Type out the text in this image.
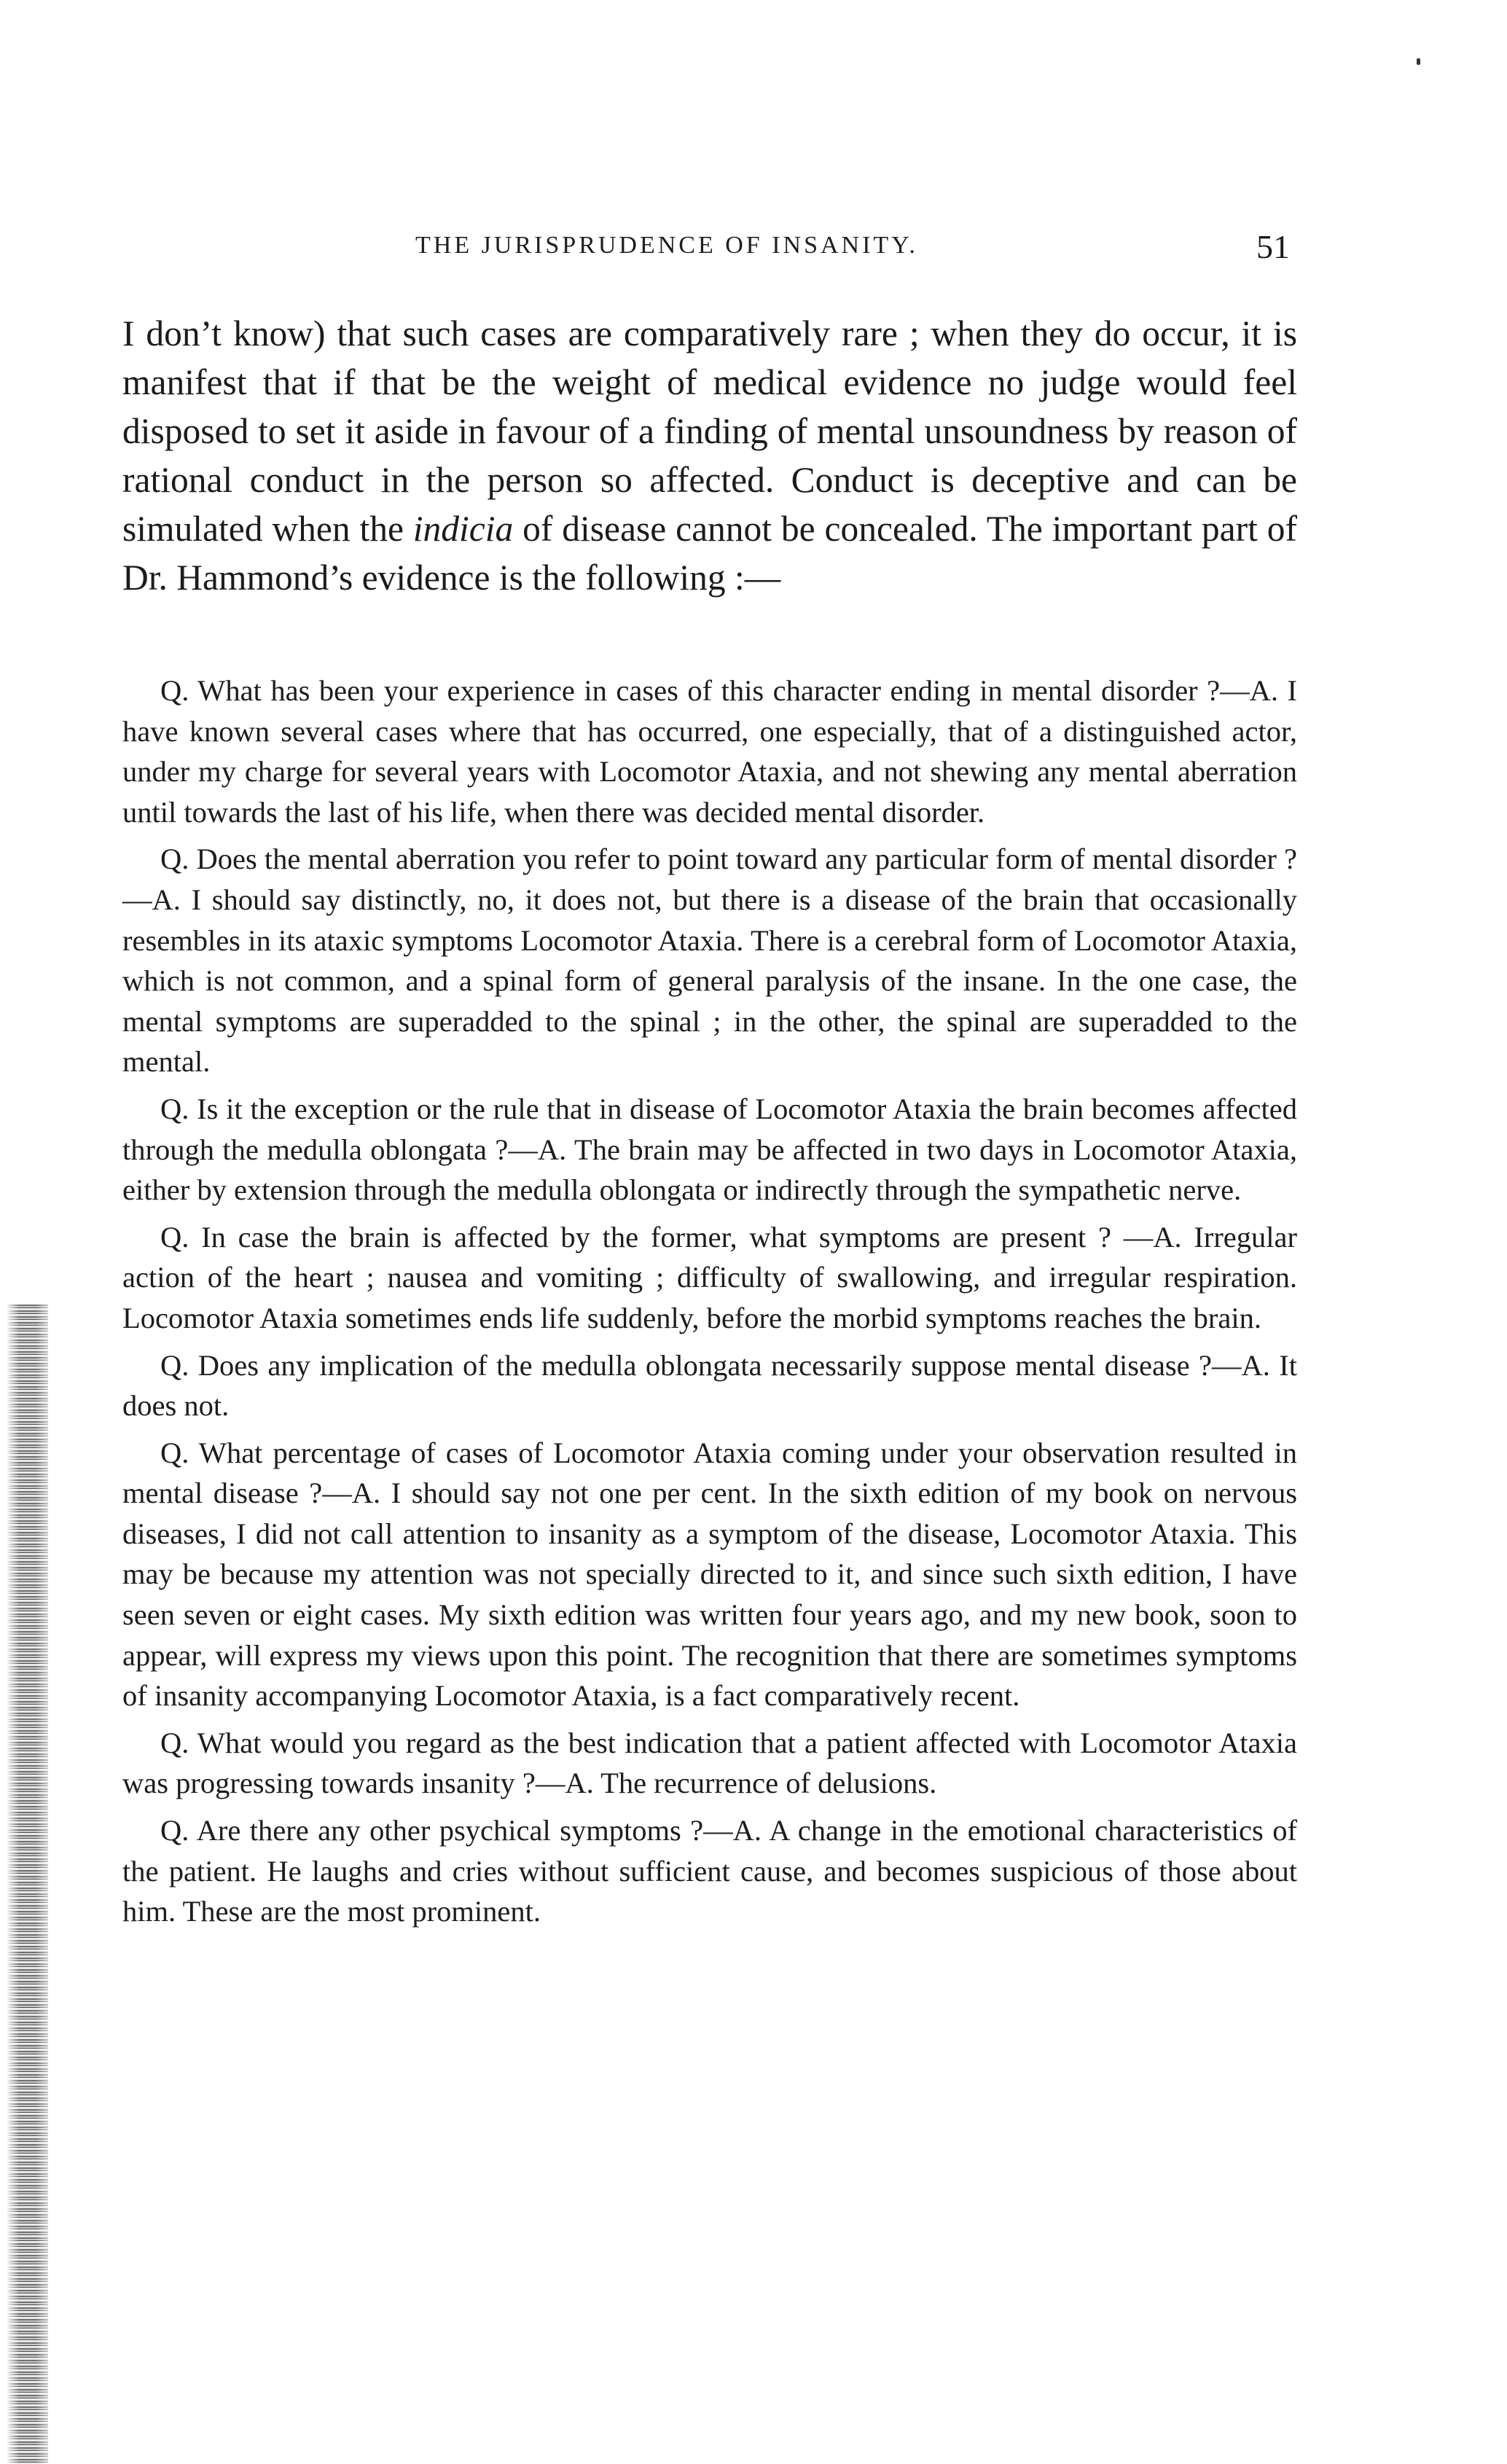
THE JURISPRUDENCE OF INSANITY.	51
I don’t know) that such cases are comparatively rare ; when they do occur, it is manifest that if that be the weight of medical evidence no judge would feel disposed to set it aside in favour of a finding of mental unsoundness by reason of rational conduct in the person so affected. Conduct is deceptive and can be simulated when the indicia of disease cannot be concealed. The important part of Dr. Hammond’s evidence is the following :—

Q. What has been your experience in cases of this character ending in mental disorder ?—A. I have known several cases where that has occurred, one especially, that of a distinguished actor, under my charge for several years with Locomotor Ataxia, and not shewing any mental aberration until towards the last of his life, when there was decided mental disorder.

Q. Does the mental aberration you refer to point toward any particular form of mental disorder ?—A. I should say distinctly, no, it does not, but there is a disease of the brain that occasionally resembles in its ataxic symptoms Locomotor Ataxia. There is a cerebral form of Locomotor Ataxia, which is not common, and a spinal form of general paralysis of the insane. In the one case, the mental symptoms are superadded to the spinal ; in the other, the spinal are superadded to the mental.

Q. Is it the exception or the rule that in disease of Locomotor Ataxia the brain becomes affected through the medulla oblongata ?—A. The brain may be affected in two days in Locomotor Ataxia, either by extension through the medulla oblongata or indirectly through the sympathetic nerve.

Q. In case the brain is affected by the former, what symptoms are present ? —A. Irregular action of the heart ; nausea and vomiting ; difficulty of swallowing, and irregular respiration. Locomotor Ataxia sometimes ends life suddenly, before the morbid symptoms reaches the brain.

Q. Does any implication of the medulla oblongata necessarily suppose mental disease ?—A. It does not.

Q. What percentage of cases of Locomotor Ataxia coming under your observation resulted in mental disease ?—A. I should say not one per cent. In the sixth edition of my book on nervous diseases, I did not call attention to insanity as a symptom of the disease, Locomotor Ataxia. This may be because my attention was not specially directed to it, and since such sixth edition, I have seen seven or eight cases. My sixth edition was written four years ago, and my new book, soon to appear, will express my views upon this point. The recognition that there are sometimes symptoms of insanity accompanying Locomotor Ataxia, is a fact comparatively recent.

Q. What would you regard as the best indication that a patient affected with Locomotor Ataxia was progressing towards insanity ?—A. The recurrence of delusions.

Q. Are there any other psychical symptoms ?—A. A change in the emotional characteristics of the patient. He laughs and cries without sufficient cause, and becomes suspicious of those about him. These are the most prominent.
